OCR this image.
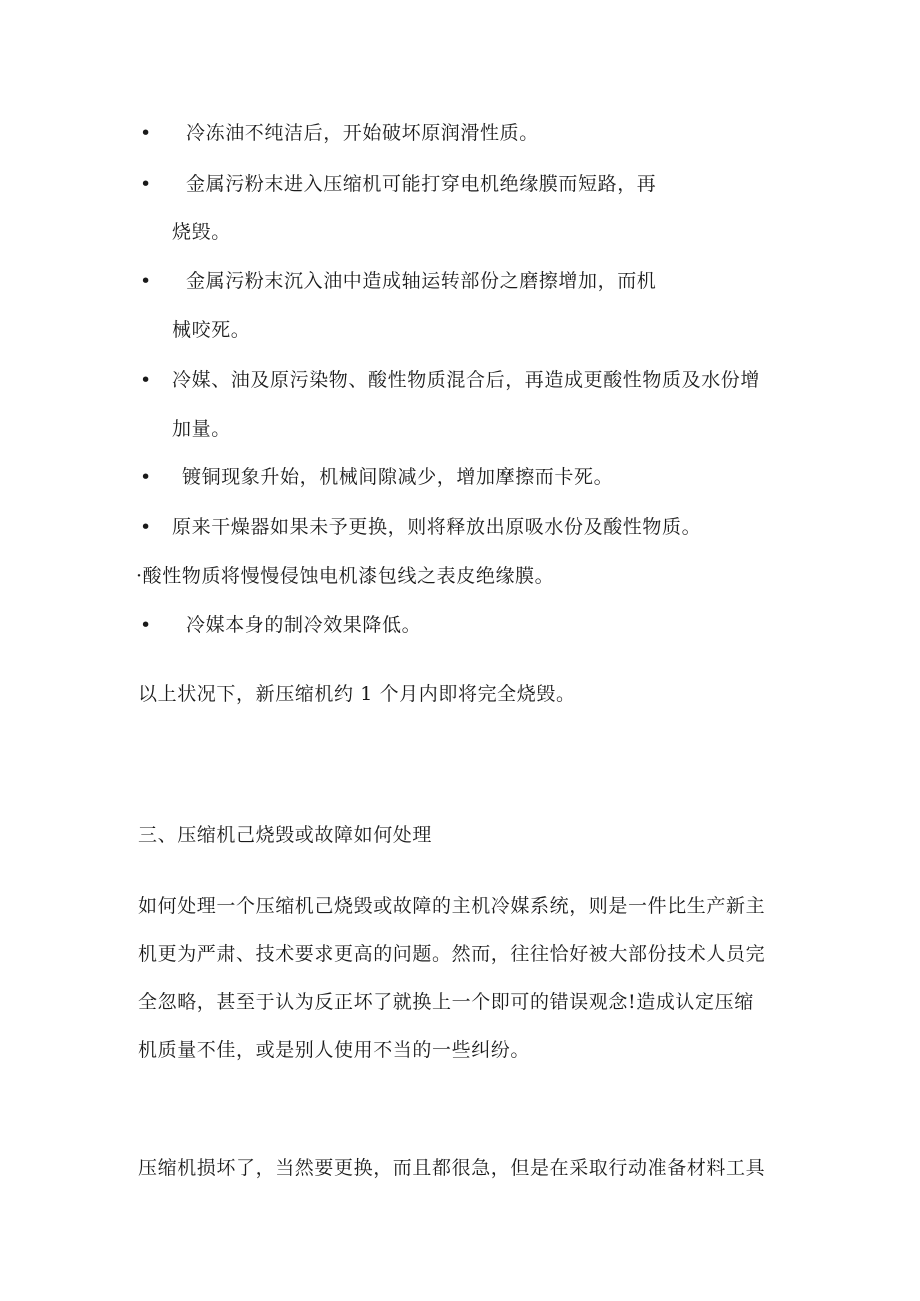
• 冷冻油不纯洁后，开始破坏原润滑性质。
• 金属污粉末进入压缩机可能打穿电机绝缘膜而短路，再
烧毁。
• 金属污粉末沉入油中造成轴运转部份之磨擦增加，而机
械咬死。
• 冷媒、油及原污染物、酸性物质混合后，再造成更酸性物质及水份增
加量。
• 镀铜现象升始，机械间隙减少，增加摩擦而卡死。
• 原来干燥器如果未予更换，则将释放出原吸水份及酸性物质。
·酸性物质将慢慢侵蚀电机漆包线之表皮绝缘膜。
• 冷媒本身的制冷效果降低。
以上状况下，新压缩机约 1 个月内即将完全烧毁。
三、压缩机己烧毁或故障如何处理
如何处理一个压缩机己烧毁或故障的主机冷媒系统，则是一件比生产新主
机更为严肃、技术要求更高的问题。然而，往往恰好被大部份技术人员完
全忽略，甚至于认为反正坏了就换上一个即可的错误观念!造成认定压缩
机质量不佳，或是别人使用不当的一些纠纷。
压缩机损坏了，当然要更换，而且都很急，但是在采取行动准备材料工具
